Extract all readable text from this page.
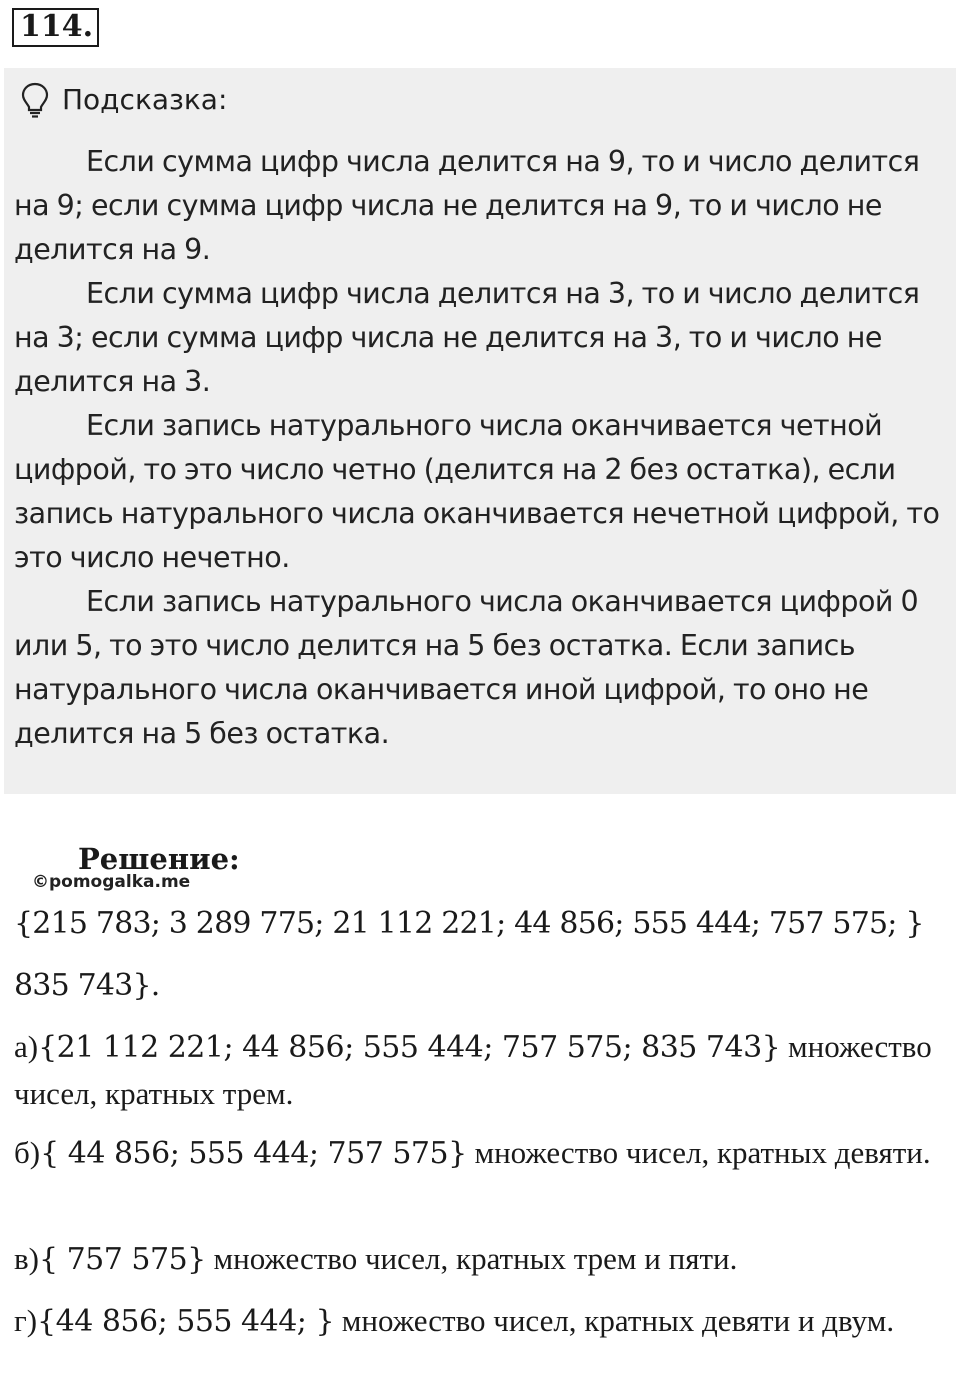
114.
Подсказка:

Если сумма цифр числа делится на 9, то и число делится на 9; если сумма цифр числа не делится на 9, то и число не делится на 9.

Если сумма цифр числа делится на 3, то и число делится на 3; если сумма цифр числа не делится на 3, то и число не делится на 3.

Если запись натурального числа оканчивается четной цифрой, то это число четно (делится на 2 без остатка), если запись натурального числа оканчивается нечетной цифрой, то это число нечетно.

Если запись натурального числа оканчивается цифрой 0 или 5, то это число делится на 5 без остатка. Если запись натурального числа оканчивается иной цифрой, то оно не делится на 5 без остатка.

Решение:
©pomogalka.me
{215 783; 3 289 775; 21 112 221; 44 856; 555 444; 757 575; }
835 743}.
а){21 112 221; 44 856; 555 444; 757 575; 835 743} множество чисел, кратных трем.
б){ 44 856; 555 444; 757 575} множество чисел, кратных девяти.
в){ 757 575} множество чисел, кратных трем и пяти.
г){44 856; 555 444; } множество чисел, кратных девяти и двум.
